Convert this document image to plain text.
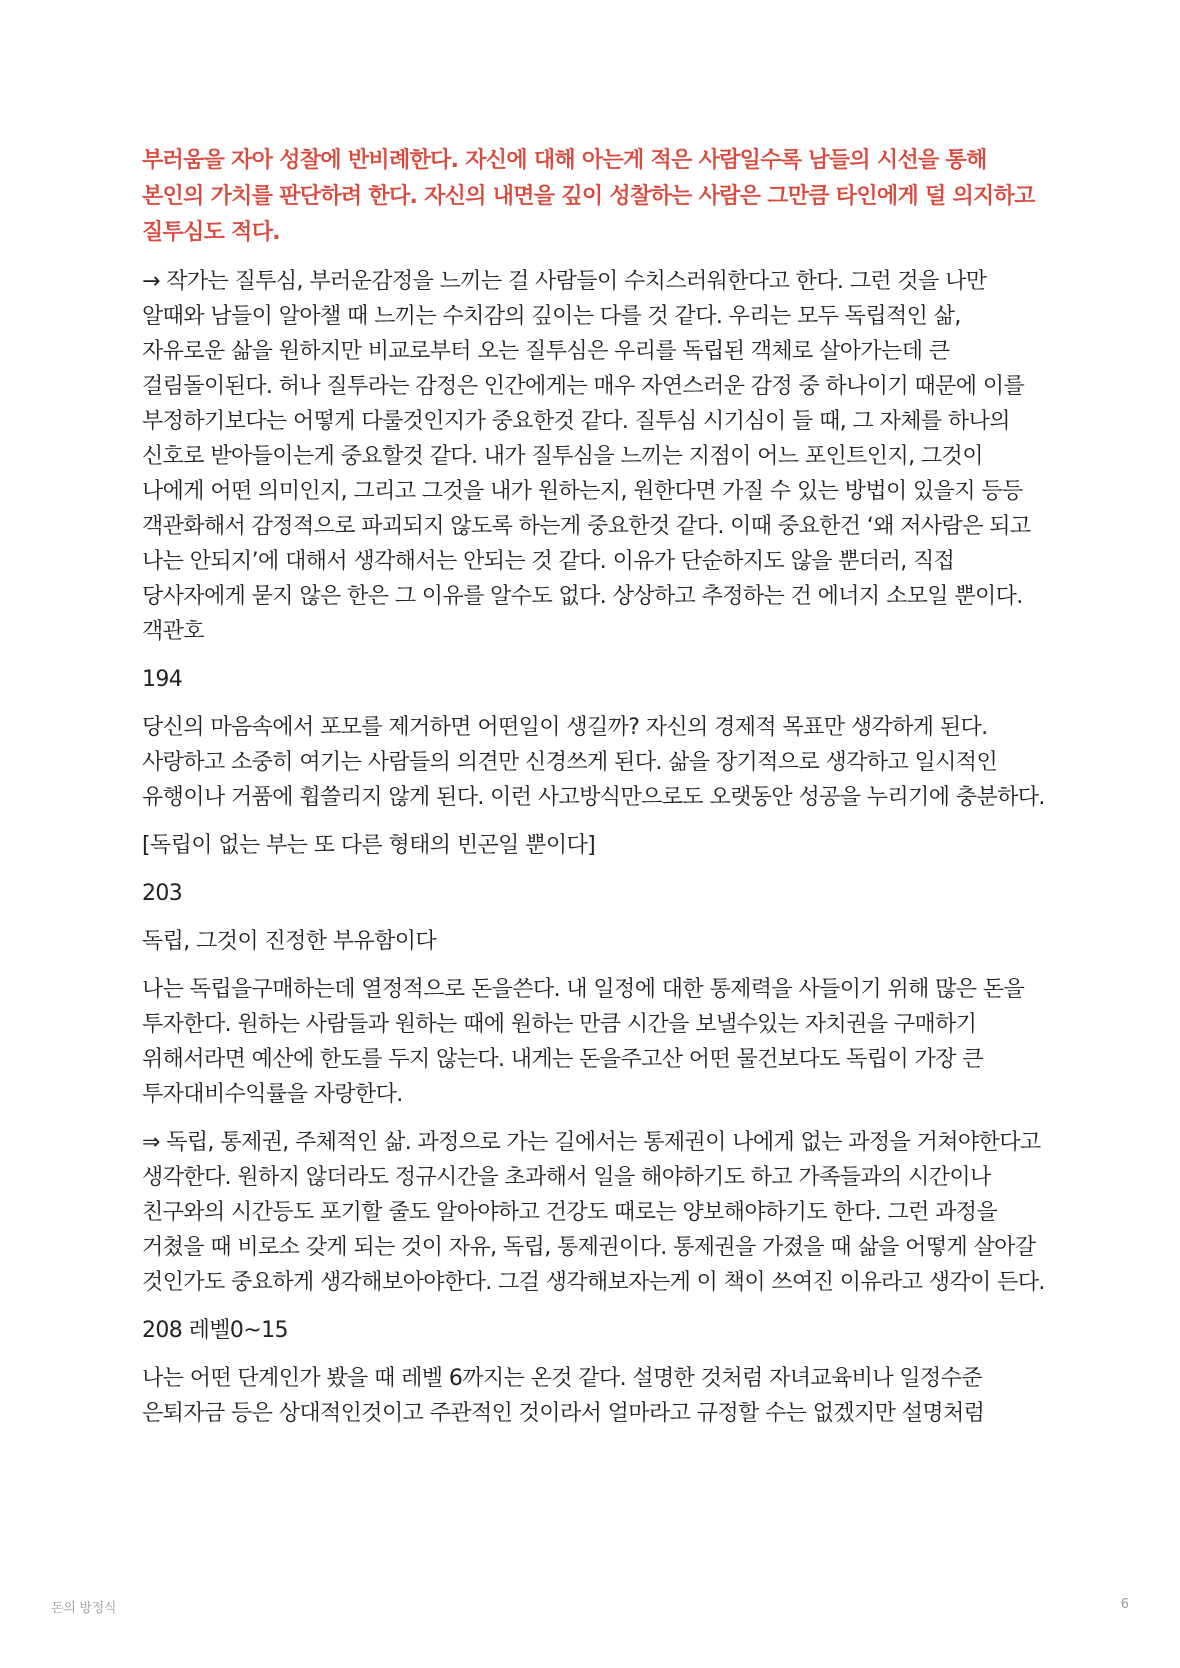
부러움을 자아 성찰에 반비례한다. 자신에 대해 아는게 적은 사람일수록 남들의 시선을 통해 본인의 가치를 판단하려 한다. 자신의 내면을 깊이 성찰하는 사람은 그만큼 타인에게 덜 의지하고 질투심도 적다.

→ 작가는 질투심, 부러운감정을 느끼는 걸 사람들이 수치스러워한다고 한다. 그런 것을 나만 알때와 남들이 알아챌 때 느끼는 수치감의 깊이는 다를 것 같다. 우리는 모두 독립적인 삶, 자유로운 삶을 원하지만 비교로부터 오는 질투심은 우리를 독립된 객체로 살아가는데 큰 걸림돌이된다. 허나 질투라는 감정은 인간에게는 매우 자연스러운 감정 중 하나이기 때문에 이를 부정하기보다는 어떻게 다룰것인지가 중요한것 같다. 질투심 시기심이 들 때, 그 자체를 하나의 신호로 받아들이는게 중요할것 같다. 내가 질투심을 느끼는 지점이 어느 포인트인지, 그것이 나에게 어떤 의미인지, 그리고 그것을 내가 원하는지, 원한다면 가질 수 있는 방법이 있을지 등등 객관화해서 감정적으로 파괴되지 않도록 하는게 중요한것 같다. 이때 중요한건 ‘왜 저사람은 되고 나는 안되지’에 대해서 생각해서는 안되는 것 같다. 이유가 단순하지도 않을 뿐더러, 직접 당사자에게 묻지 않은 한은 그 이유를 알수도 없다. 상상하고 추정하는 건 에너지 소모일 뿐이다. 객관호

194

당신의 마음속에서 포모를 제거하면 어떤일이 생길까? 자신의 경제적 목표만 생각하게 된다. 사랑하고 소중히 여기는 사람들의 의견만 신경쓰게 된다. 삶을 장기적으로 생각하고 일시적인 유행이나 거품에 휩쓸리지 않게 된다. 이런 사고방식만으로도 오랫동안 성공을 누리기에 충분하다.

[독립이 없는 부는 또 다른 형태의 빈곤일 뿐이다]

203

독립, 그것이 진정한 부유함이다

나는 독립을구매하는데 열정적으로 돈을쓴다. 내 일정에 대한 통제력을 사들이기 위해 많은 돈을 투자한다. 원하는 사람들과 원하는 때에 원하는 만큼 시간을 보낼수있는 자치권을 구매하기 위해서라면 예산에 한도를 두지 않는다. 내게는 돈을주고산 어떤 물건보다도 독립이 가장 큰 투자대비수익률을 자랑한다.

⇒ 독립, 통제권, 주체적인 삶. 과정으로 가는 길에서는 통제권이 나에게 없는 과정을 거쳐야한다고 생각한다. 원하지 않더라도 정규시간을 초과해서 일을 해야하기도 하고 가족들과의 시간이나 친구와의 시간등도 포기할 줄도 알아야하고 건강도 때로는 양보해야하기도 한다. 그런 과정을 거쳤을 때 비로소 갖게 되는 것이 자유, 독립, 통제권이다. 통제권을 가졌을 때 삶을 어떻게 살아갈 것인가도 중요하게 생각해보아야한다. 그걸 생각해보자는게 이 책이 쓰여진 이유라고 생각이 든다.

208 레벨0~15

나는 어떤 단계인가 봤을 때 레벨 6까지는 온것 같다. 설명한 것처럼 자녀교육비나 일정수준 은퇴자금 등은 상대적인것이고 주관적인 것이라서 얼마라고 규정할 수는 없겠지만 설명처럼

돈의 방정식	6
